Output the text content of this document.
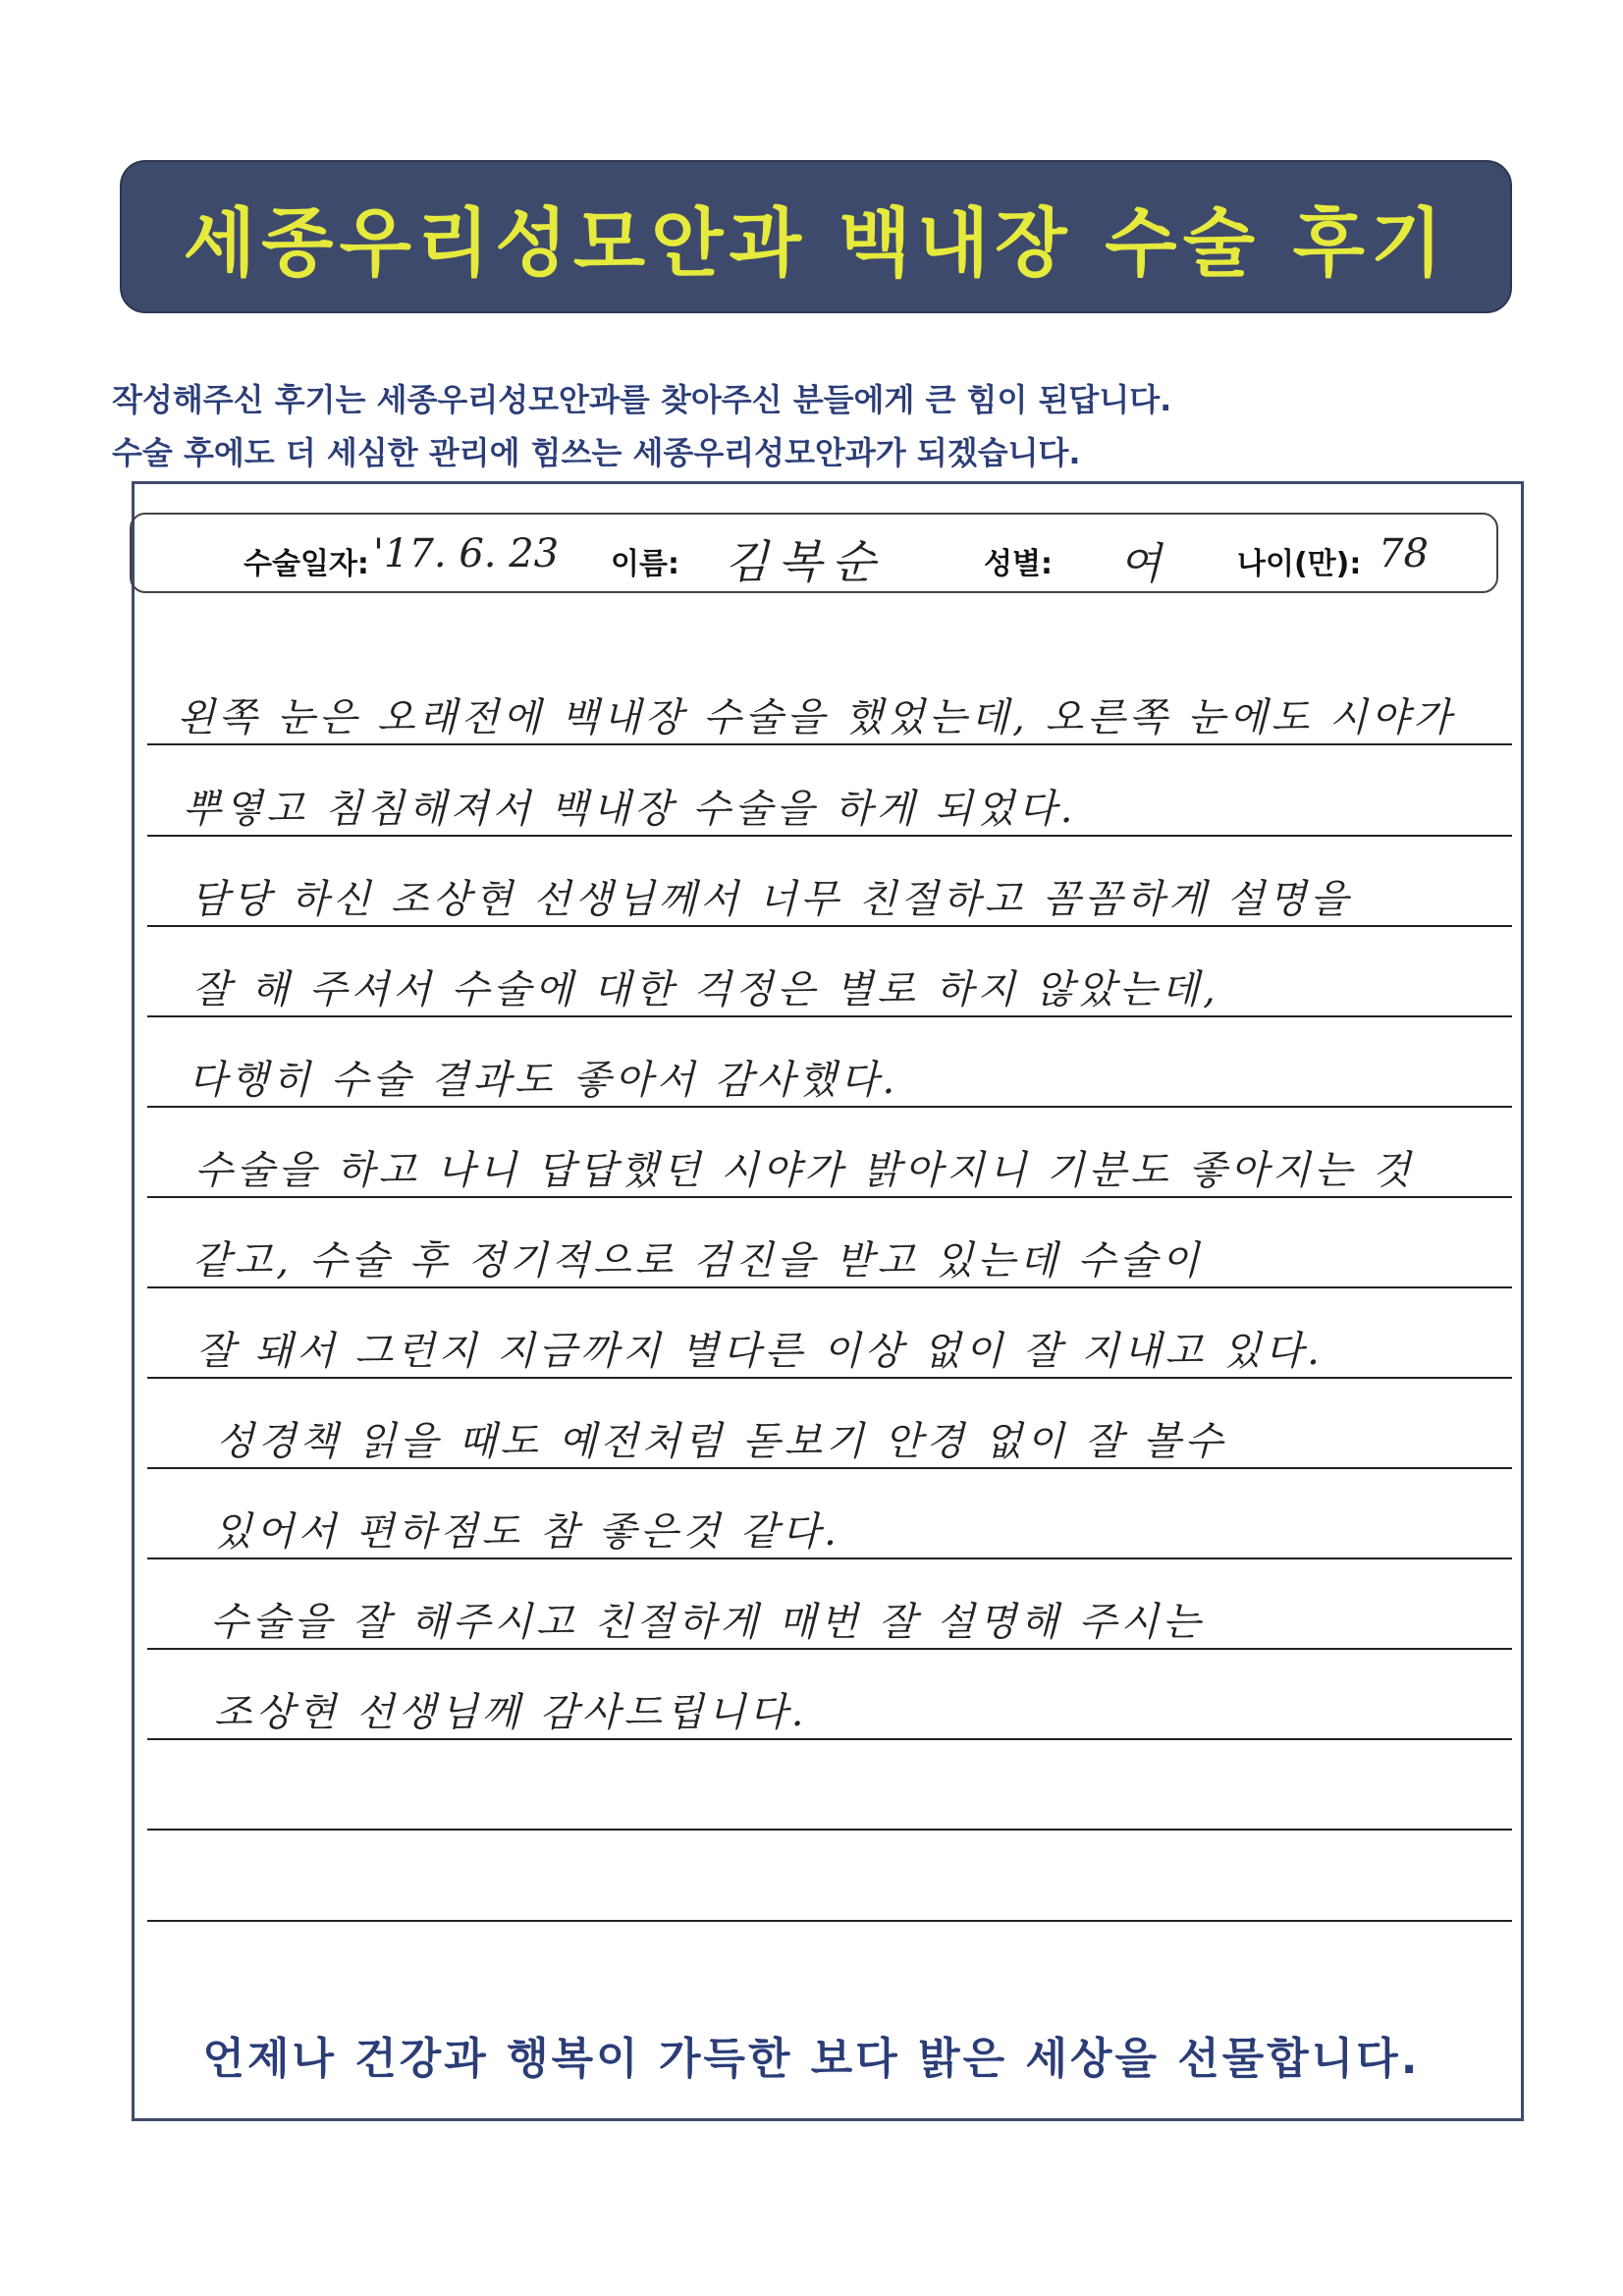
세종우리성모안과 백내장 수술 후기
작성해주신 후기는 세종우리성모안과를 찾아주신 분들에게 큰 힘이 된답니다.
수술 후에도 더 세심한 관리에 힘쓰는 세종우리성모안과가 되겠습니다.
수술일자: '17. 6. 23 이름: 김복순	성별: 여	나이(만): 78
왼쪽 눈은 오래전에 백내장 수술을 했었는데, 오른쪽 눈에도 시야가
뿌옇고 침침해져서 백내장 수술을 하게 되었다.
담당 하신 조상현 선생님께서 너무 친절하고 꼼꼼하게 설명을
잘 해 주셔서 수술에 대한 걱정은 별로 하지 않았는데,
다행히 수술 결과도 좋아서 감사했다.
수술을 하고 나니 답답했던 시야가 밝아지니 기분도 좋아지는 것
같고, 수술 후 정기적으로 검진을 받고 있는데 수술이
잘 돼서 그런지 지금까지 별다른 이상 없이 잘 지내고 있다.
성경책 읽을 때도 예전처럼 돋보기 안경 없이 잘 볼수
있어서 편하점도 참 좋은것 같다.
수술을 잘 해주시고 친절하게 매번 잘 설명해 주시는
조상현 선생님께 감사드립니다.
언제나 건강과 행복이 가득한 보다 밝은 세상을 선물합니다.
